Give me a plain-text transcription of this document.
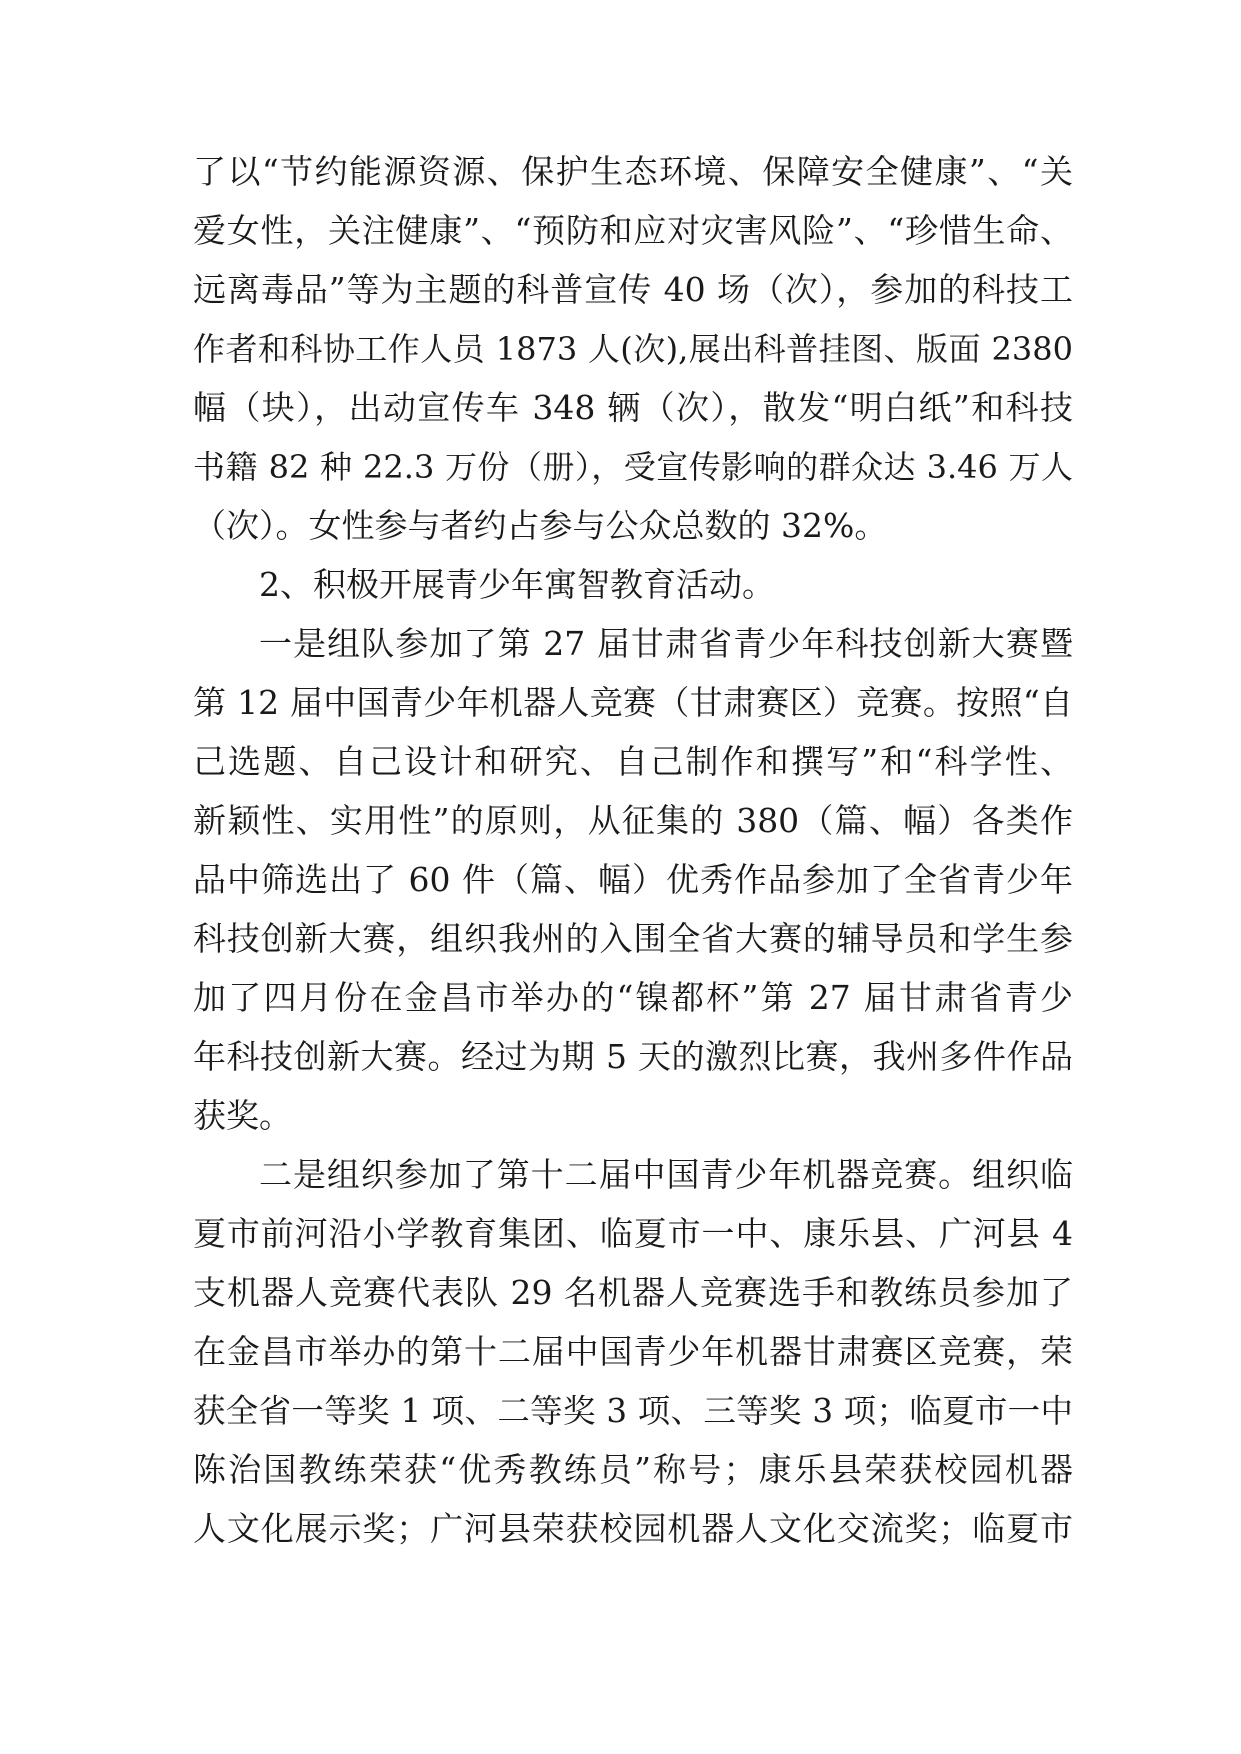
了以“节约能源资源、保护生态环境、保障安全健康”、“关
爱女性，关注健康”、“预防和应对灾害风险”、“珍惜生命、
远离毒品”等为主题的科普宣传 40 场（次），参加的科技工
作者和科协工作人员 1873 人(次),展出科普挂图、版面 2380
幅（块），出动宣传车 348 辆（次），散发“明白纸”和科技
书籍 82 种 22.3 万份（册），受宣传影响的群众达 3.46 万人
（次）。女性参与者约占参与公众总数的 32%。
2、积极开展青少年寓智教育活动。
一是组队参加了第 27 届甘肃省青少年科技创新大赛暨
第 12 届中国青少年机器人竞赛（甘肃赛区）竞赛。按照“自
己选题、自己设计和研究、自己制作和撰写”和“科学性、
新颖性、实用性”的原则，从征集的 380（篇、幅）各类作
品中筛选出了 60 件（篇、幅）优秀作品参加了全省青少年
科技创新大赛，组织我州的入围全省大赛的辅导员和学生参
加了四月份在金昌市举办的“镍都杯”第 27 届甘肃省青少
年科技创新大赛。经过为期 5 天的激烈比赛，我州多件作品
获奖。
二是组织参加了第十二届中国青少年机器竞赛。组织临
夏市前河沿小学教育集团、临夏市一中、康乐县、广河县 4
支机器人竞赛代表队 29 名机器人竞赛选手和教练员参加了
在金昌市举办的第十二届中国青少年机器甘肃赛区竞赛，荣
获全省一等奖 1 项、二等奖 3 项、三等奖 3 项；临夏市一中
陈治国教练荣获“优秀教练员”称号；康乐县荣获校园机器
人文化展示奖；广河县荣获校园机器人文化交流奖；临夏市
